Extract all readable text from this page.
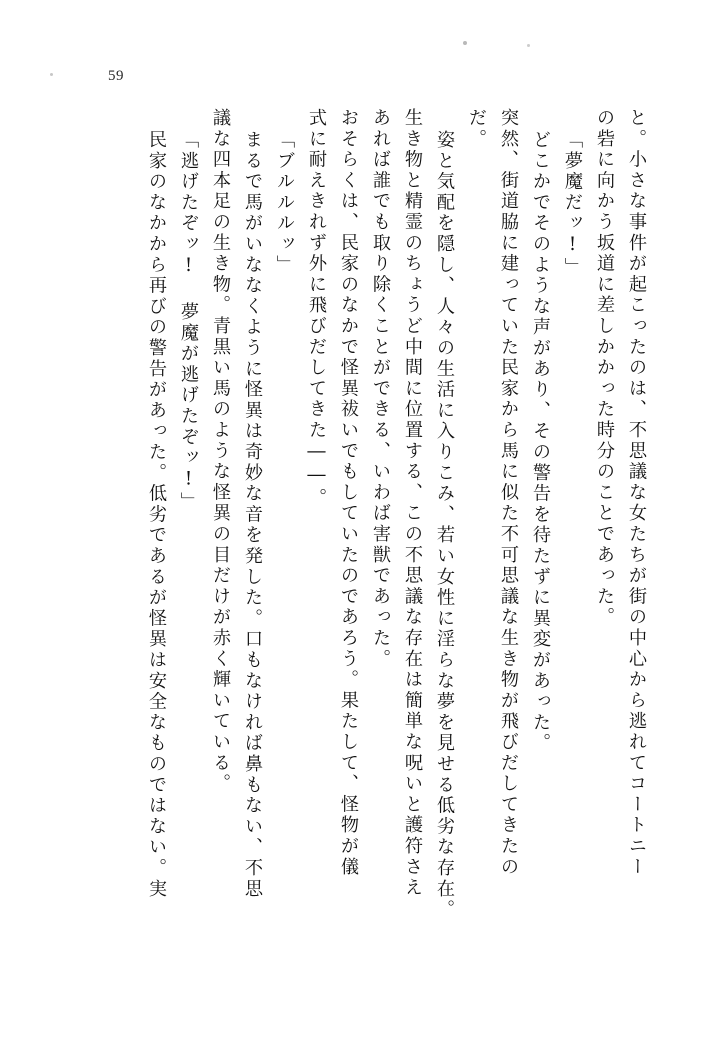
59
と。小さな事件が起こったのは、不思議な女たちが街の中心から逃れてコートニー
の砦に向かう坂道に差しかかった時分のことであった。
「夢魔だッ!」
どこかでそのような声があり、その警告を待たずに異変があった。
突然、街道脇に建っていた民家から馬に似た不可思議な生き物が飛びだしてきたの
だ。
姿と気配を隠し、人々の生活に入りこみ、若い女性に淫らな夢を見せる低劣な存在。
生き物と精霊のちょうど中間に位置する、この不思議な存在は簡単な呪いと護符さえ
あれば誰でも取り除くことができる、いわば害獣であった。
おそらくは、民家のなかで怪異祓いでもしていたのであろう。果たして、怪物が儀
式に耐えきれず外に飛びだしてきた――。
「ブルルルッ」
まるで馬がいななくように怪異は奇妙な音を発した。口もなければ鼻もない、不思
議な四本足の生き物。青黒い馬のような怪異の目だけが赤く輝いている。
「逃げたぞッ! 夢魔が逃げたぞッ!」
民家のなかから再びの警告があった。低劣であるが怪異は安全なものではない。実
